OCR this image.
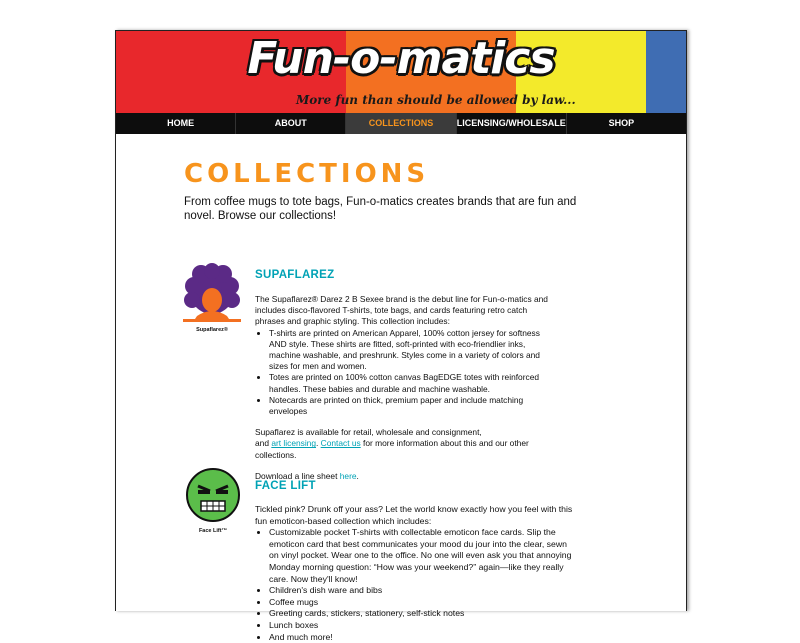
Fun-o-matics
More fun than should be allowed by law...
HOME	ABOUT	COLLECTIONS	LICENSING/WHOLESALE	SHOP
COLLECTIONS

From coffee mugs to tote bags, Fun-o-matics creates brands that are fun and novel. Browse our collections!

Supaflarez®
SUPAFLAREZ

The Supaflarez® Darez 2 B Sexee brand is the debut line for Fun-o-matics and includes disco-flavored T-shirts, tote bags, and cards featuring retro catch phrases and graphic styling. This collection includes:

• T-shirts are printed on American Apparel, 100% cotton jersey for softness AND style. These shirts are fitted, soft-printed with eco-friendlier inks, machine washable, and preshrunk. Styles come in a variety of colors and sizes for men and women.
• Totes are printed on 100% cotton canvas BagEDGE totes with reinforced handles. These babies and durable and machine washable.
• Notecards are printed on thick, premium paper and include matching envelopes

Supaflarez is available for retail, wholesale and consignment,
and art licensing. Contact us for more information about this and our other collections.

Download a line sheet here.

Face Lift™
FACE LIFT

Tickled pink? Drunk off your ass? Let the world know exactly how you feel with this fun emoticon-based collection which includes:

• Customizable pocket T-shirts with collectable emoticon face cards. Slip the emoticon card that best communicates your mood du jour into the clear, sewn on vinyl pocket. Wear one to the office. No one will even ask you that annoying Monday morning question: “How was your weekend?” again—like they really care. Now they'll know!
• Children's dish ware and bibs
• Coffee mugs
• Greeting cards, stickers, stationery, self-stick notes
• Lunch boxes
• And much more!
